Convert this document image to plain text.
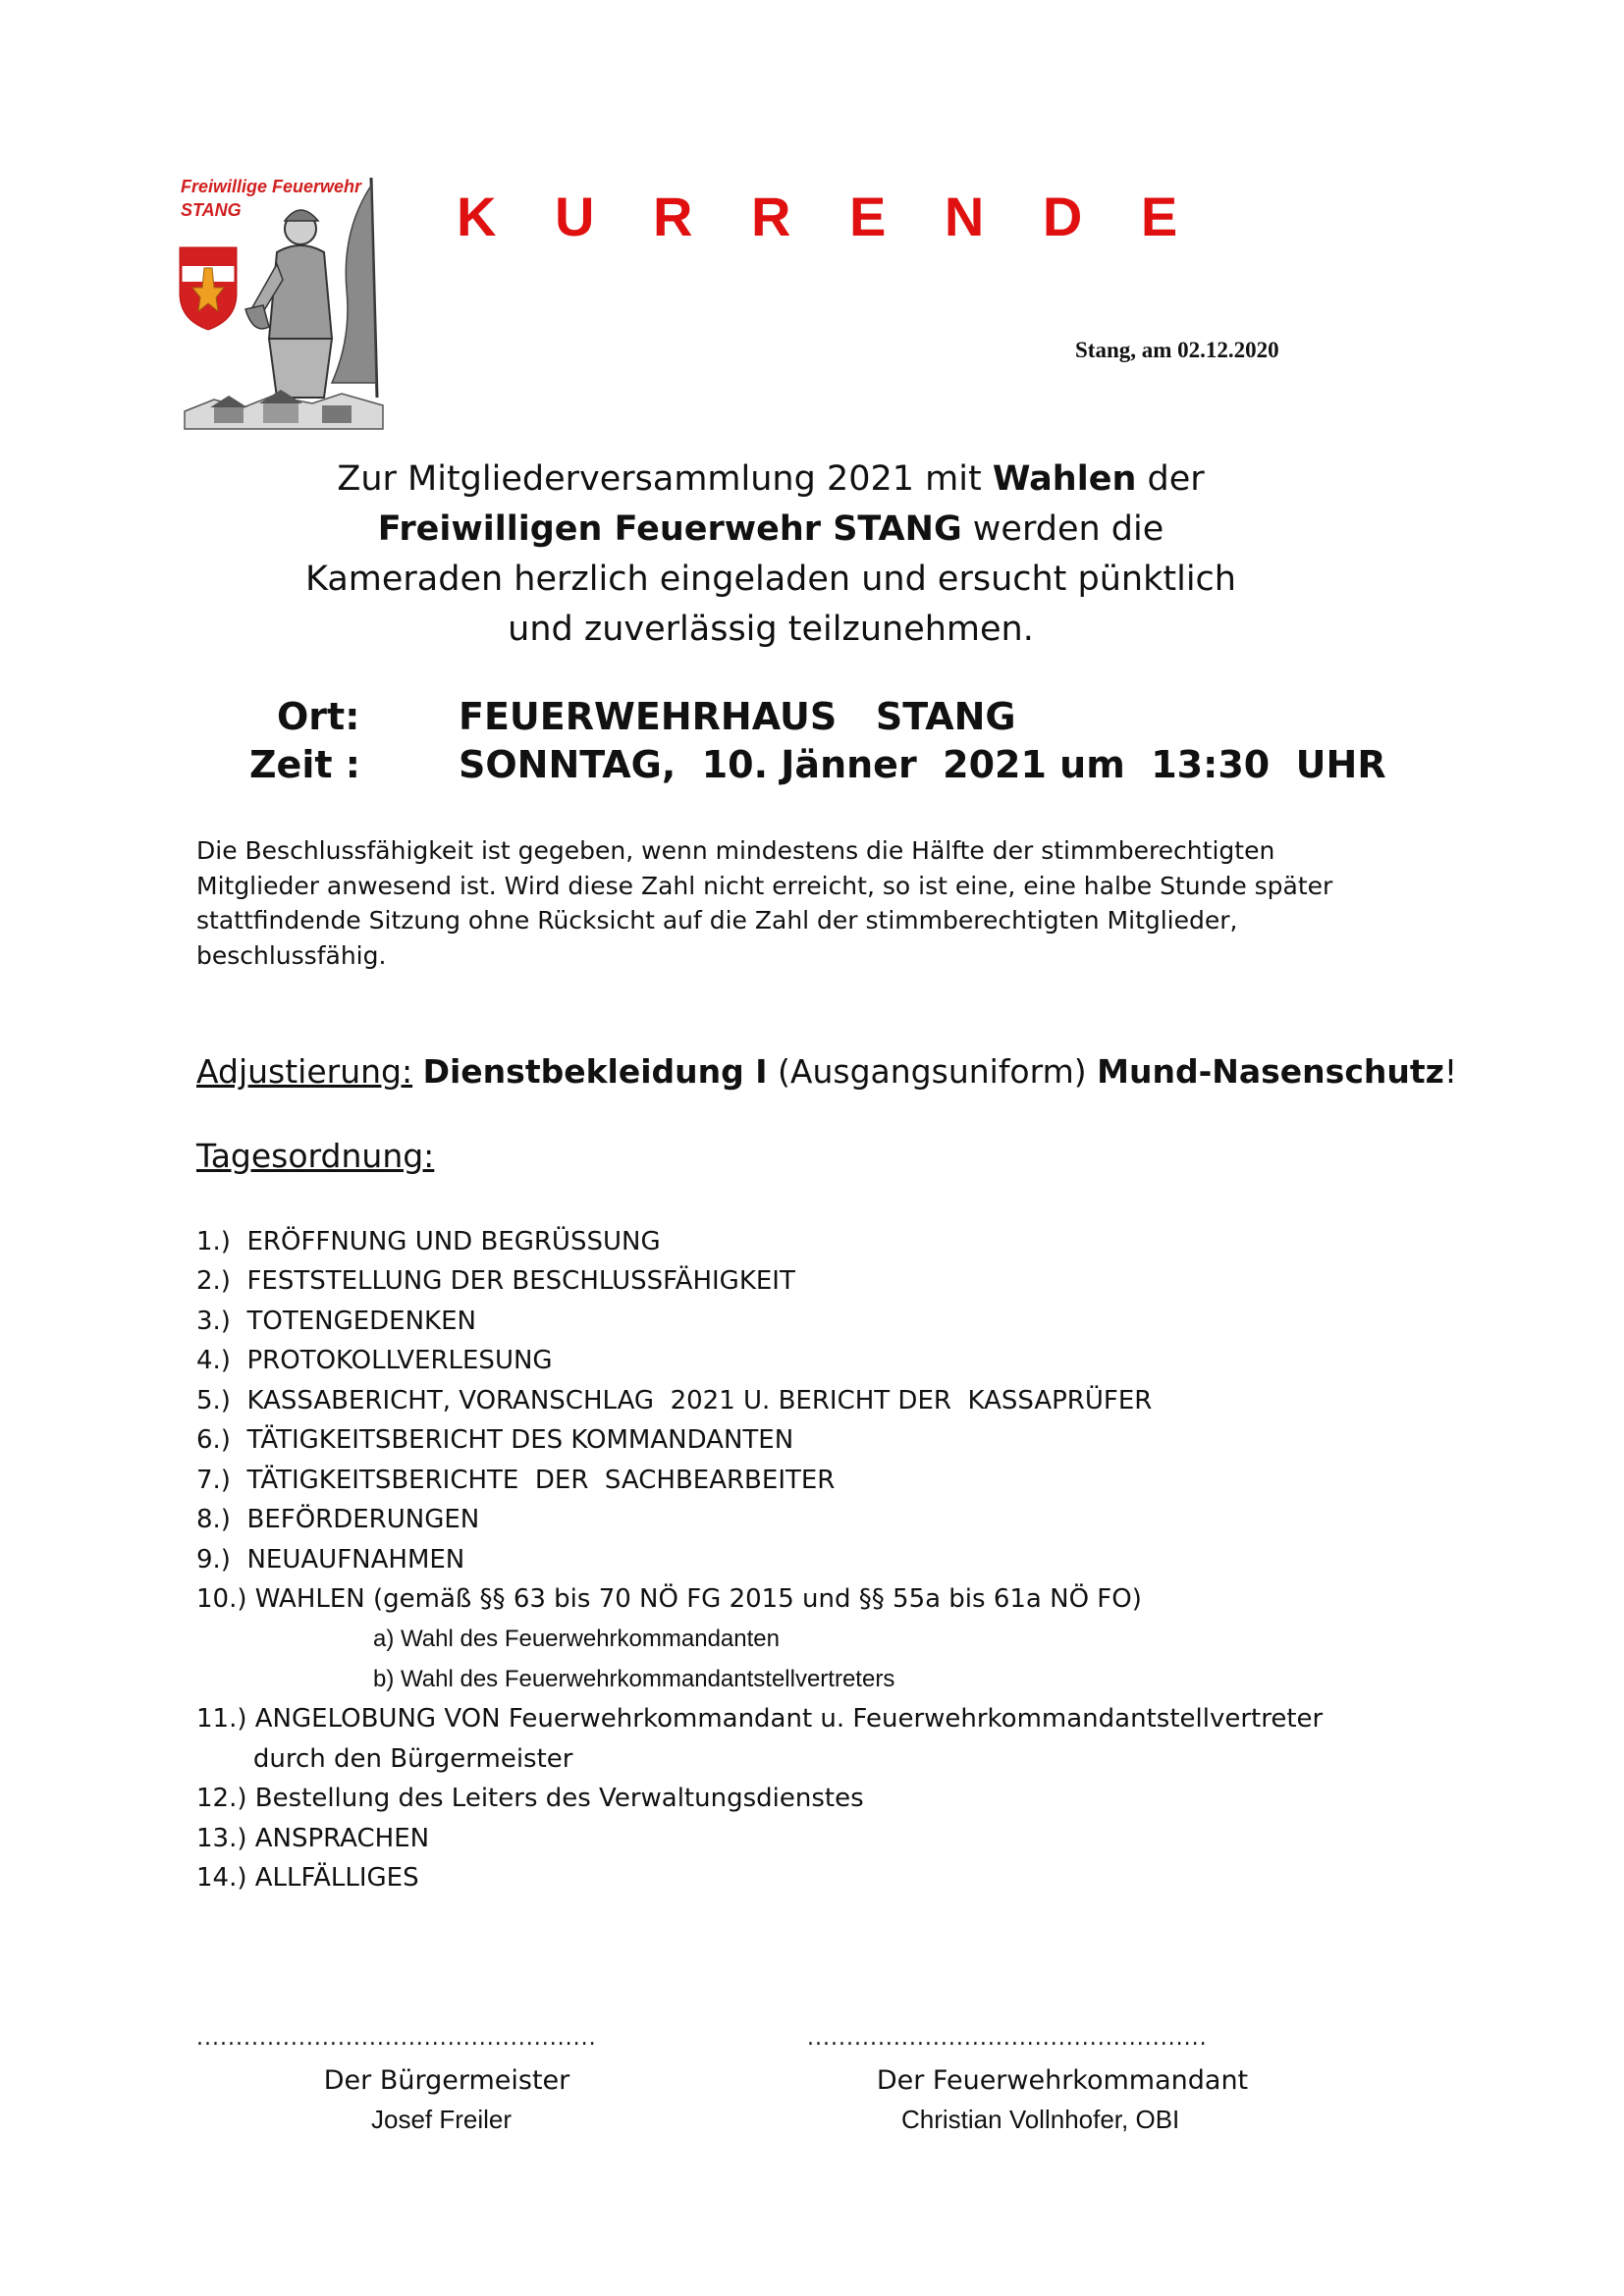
Freiwillige Feuerwehr
STANG	K U R R E N D E
Stang, am 02.12.2020
Zur Mitgliederversammlung 2021 mit Wahlen der
Freiwilligen Feuerwehr STANG werden die
Kameraden herzlich eingeladen und ersucht pünktlich
und zuverlässig teilzunehmen.
Ort:	FEUERWEHRHAUS   STANG
Zeit :	SONNTAG,  10. Jänner  2021 um  13:30  UHR
Die Beschlussfähigkeit ist gegeben, wenn mindestens die Hälfte der stimmberechtigten
Mitglieder anwesend ist. Wird diese Zahl nicht erreicht, so ist eine, eine halbe Stunde später
stattfindende Sitzung ohne Rücksicht auf die Zahl der stimmberechtigten Mitglieder,
beschlussfähig.
Adjustierung: Dienstbekleidung I (Ausgangsuniform) Mund-Nasenschutz!
Tagesordnung:
1.)  ERÖFFNUNG UND BEGRÜSSUNG
2.)  FESTSTELLUNG DER BESCHLUSSFÄHIGKEIT
3.)  TOTENGEDENKEN
4.)  PROTOKOLLVERLESUNG
5.)  KASSABERICHT, VORANSCHLAG  2021 U. BERICHT DER  KASSAPRÜFER
6.)  TÄTIGKEITSBERICHT DES KOMMANDANTEN
7.)  TÄTIGKEITSBERICHTE  DER  SACHBEARBEITER
8.)  BEFÖRDERUNGEN
9.)  NEUAUFNAHMEN
10.) WAHLEN (gemäß §§ 63 bis 70 NÖ FG 2015 und §§ 55a bis 61a NÖ FO)
a) Wahl des Feuerwehrkommandanten
b) Wahl des Feuerwehrkommandantstellvertreters
11.) ANGELOBUNG VON Feuerwehrkommandant u. Feuerwehrkommandantstellvertreter
durch den Bürgermeister
12.) Bestellung des Leiters des Verwaltungsdienstes
13.) ANSPRACHEN
14.) ALLFÄLLIGES
...................................................	...................................................
Der Bürgermeister
Josef Freiler
Der Feuerwehrkommandant
Christian Vollnhofer, OBI
